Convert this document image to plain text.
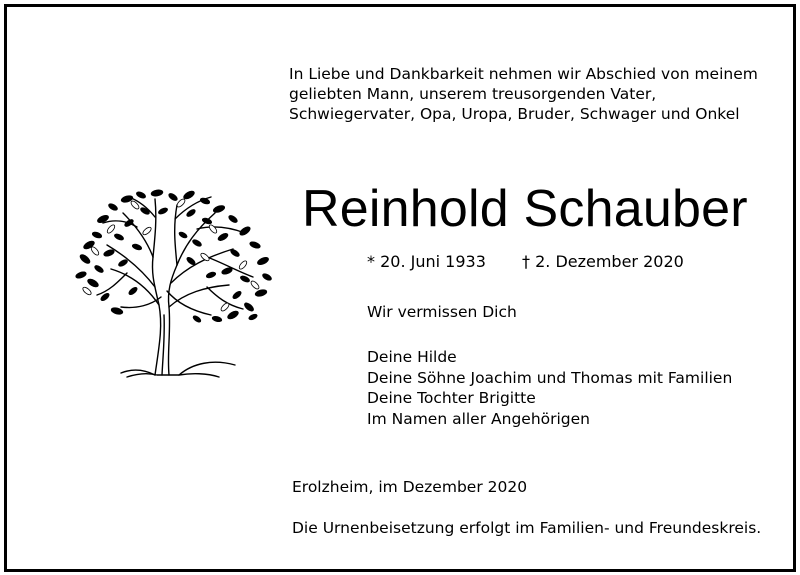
In Liebe und Dankbarkeit nehmen wir Abschied von meinem
geliebten Mann, unserem treusorgenden Vater,
Schwiegervater, Opa, Uropa, Bruder, Schwager und Onkel
Reinhold Schauber
* 20. Juni 1933 † 2. Dezember 2020
Wir vermissen Dich
Deine Hilde
Deine Söhne Joachim und Thomas mit Familien
Deine Tochter Brigitte
Im Namen aller Angehörigen
Erolzheim, im Dezember 2020
Die Urnenbeisetzung erfolgt im Familien- und Freundeskreis.
